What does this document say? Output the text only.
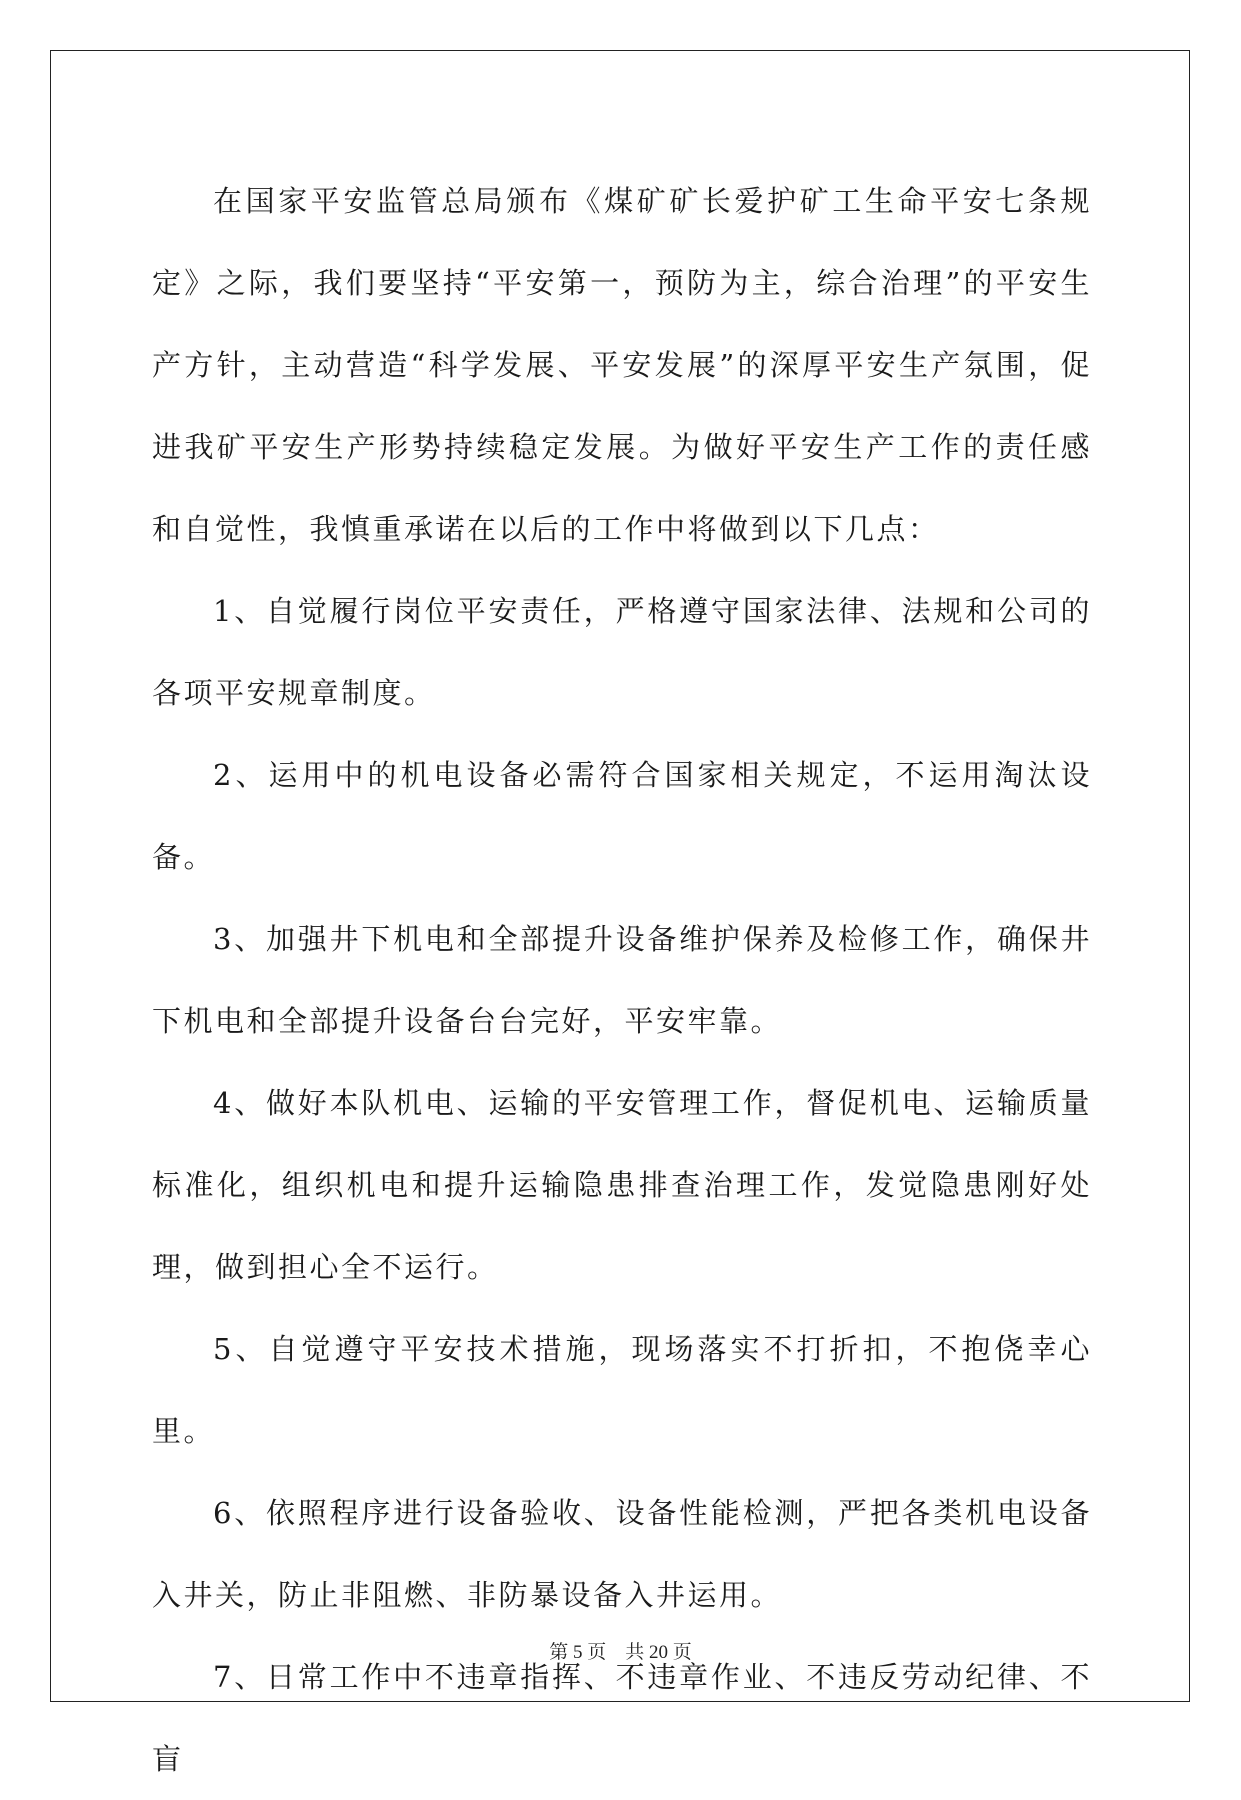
在国家平安监管总局颁布《煤矿矿长爱护矿工生命平安七条规定》之际，我们要坚持“平安第一，预防为主，综合治理”的平安生产方针，主动营造“科学发展、平安发展”的深厚平安生产氛围，促进我矿平安生产形势持续稳定发展。为做好平安生产工作的责任感和自觉性，我慎重承诺在以后的工作中将做到以下几点：

1、自觉履行岗位平安责任，严格遵守国家法律、法规和公司的各项平安规章制度。

2、运用中的机电设备必需符合国家相关规定，不运用淘汰设备。

3、加强井下机电和全部提升设备维护保养及检修工作，确保井下机电和全部提升设备台台完好，平安牢靠。

4、做好本队机电、运输的平安管理工作，督促机电、运输质量标准化，组织机电和提升运输隐患排查治理工作，发觉隐患刚好处理，做到担心全不运行。

5、自觉遵守平安技术措施，现场落实不打折扣，不抱侥幸心里。

6、依照程序进行设备验收、设备性能检测，严把各类机电设备入井关，防止非阻燃、非防暴设备入井运用。

7、日常工作中不违章指挥、不违章作业、不违反劳动纪律、不盲

第 5 页 共 20 页
